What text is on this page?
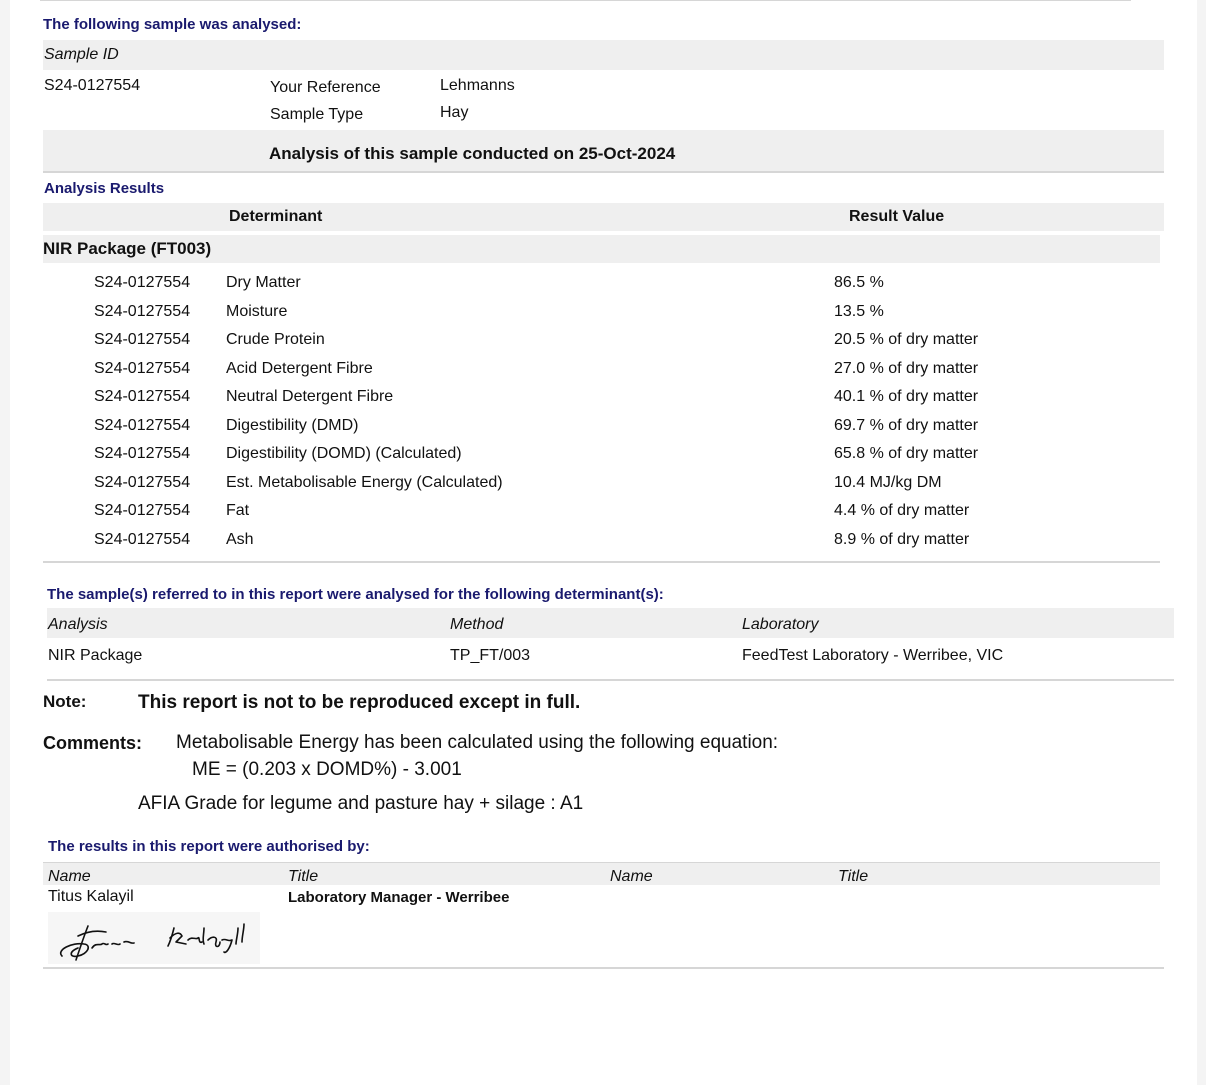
The following sample was analysed:
Sample ID
S24-0127554	Your Reference	Lehmanns
Sample Type	Hay
Analysis of this sample conducted on 25-Oct-2024
Analysis Results
Determinant	Result Value
NIR Package (FT003)
S24-0127554 Dry Matter	86.5 %
S24-0127554 Moisture	13.5 %
S24-0127554 Crude Protein	20.5 % of dry matter
S24-0127554 Acid Detergent Fibre	27.0 % of dry matter
S24-0127554 Neutral Detergent Fibre	40.1 % of dry matter
S24-0127554 Digestibility (DMD)	69.7 % of dry matter
S24-0127554 Digestibility (DOMD) (Calculated)	65.8 % of dry matter
S24-0127554 Est. Metabolisable Energy (Calculated)	10.4 MJ/kg DM
S24-0127554 Fat	4.4 % of dry matter
S24-0127554 Ash	8.9 % of dry matter
The sample(s) referred to in this report were analysed for the following determinant(s):
Analysis	Method	Laboratory
NIR Package	TP_FT/003	FeedTest Laboratory - Werribee, VIC
Note:	This report is not to be reproduced except in full.
Comments: Metabolisable Energy has been calculated using the following equation:
ME = (0.203 x DOMD%) - 3.001
AFIA Grade for legume and pasture hay + silage : A1
The results in this report were authorised by:
Name	Title	Name	Title
Titus Kalayil	Laboratory Manager - Werribee
